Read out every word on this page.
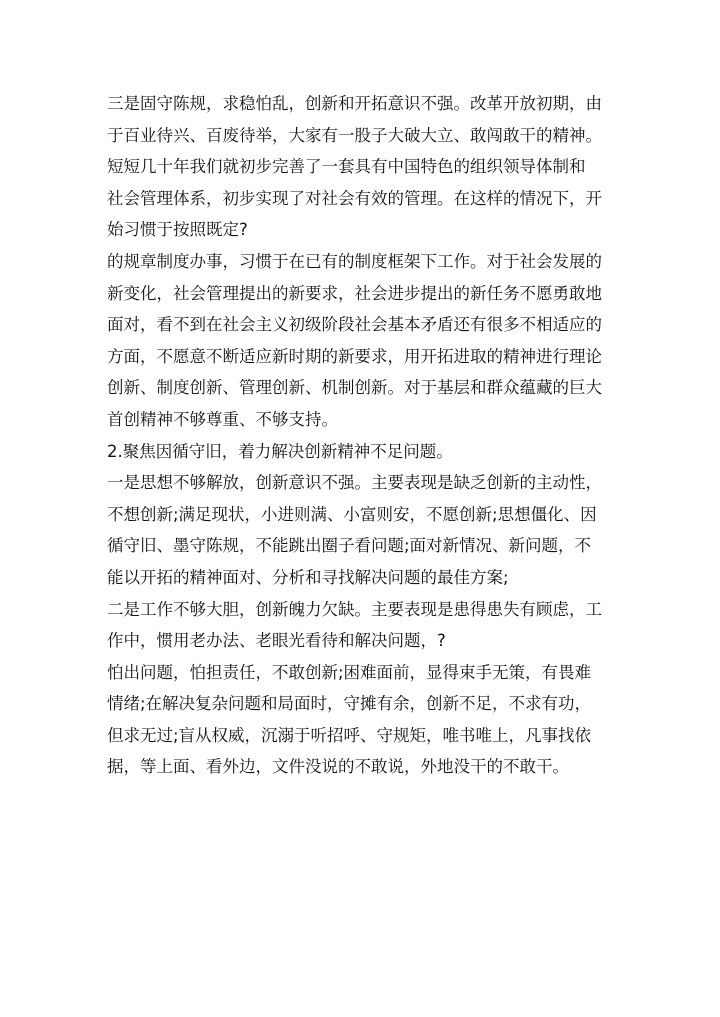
三是固守陈规，求稳怕乱，创新和开拓意识不强。改革开放初期，由
于百业待兴、百废待举，大家有一股子大破大立、敢闯敢干的精神。
短短几十年我们就初步完善了一套具有中国特色的组织领导体制和
社会管理体系，初步实现了对社会有效的管理。在这样的情况下，开
始习惯于按照既定?
的规章制度办事，习惯于在已有的制度框架下工作。对于社会发展的
新变化，社会管理提出的新要求，社会进步提出的新任务不愿勇敢地
面对，看不到在社会主义初级阶段社会基本矛盾还有很多不相适应的
方面，不愿意不断适应新时期的新要求，用开拓进取的精神进行理论
创新、制度创新、管理创新、机制创新。对于基层和群众蕴藏的巨大
首创精神不够尊重、不够支持。
2.聚焦因循守旧，着力解决创新精神不足问题。
一是思想不够解放，创新意识不强。主要表现是缺乏创新的主动性，
不想创新;满足现状，小进则满、小富则安，不愿创新;思想僵化、因
循守旧、墨守陈规，不能跳出圈子看问题;面对新情况、新问题，不
能以开拓的精神面对、分析和寻找解决问题的最佳方案;
二是工作不够大胆，创新魄力欠缺。主要表现是患得患失有顾虑，工
作中，惯用老办法、老眼光看待和解决问题，?
怕出问题，怕担责任，不敢创新;困难面前，显得束手无策，有畏难
情绪;在解决复杂问题和局面时，守摊有余，创新不足，不求有功，
但求无过;盲从权威，沉溺于听招呼、守规矩，唯书唯上，凡事找依
据，等上面、看外边，文件没说的不敢说，外地没干的不敢干。
